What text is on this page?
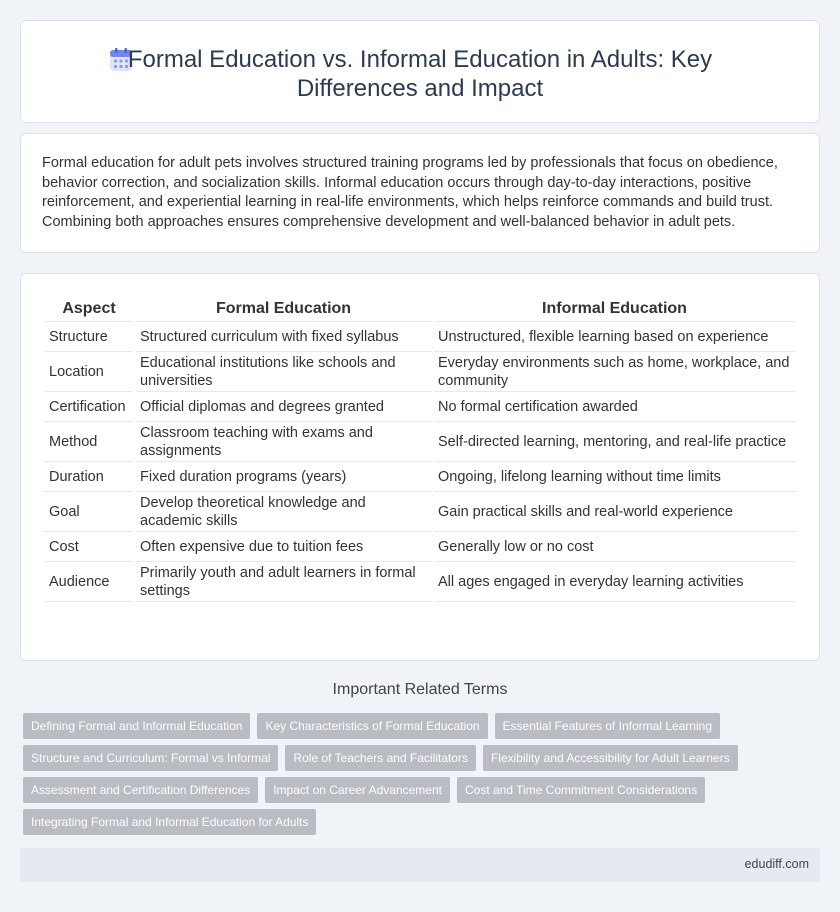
Formal Education vs. Informal Education in Adults: Key Differences and Impact

Formal education for adult pets involves structured training programs led by professionals that focus on obedience, behavior correction, and socialization skills. Informal education occurs through day-to-day interactions, positive reinforcement, and experiential learning in real-life environments, which helps reinforce commands and build trust. Combining both approaches ensures comprehensive development and well-balanced behavior in adult pets.

Aspect	Formal Education	Informal Education
Structure	Structured curriculum with fixed syllabus	Unstructured, flexible learning based on experience
Location	Educational institutions like schools and universities	Everyday environments such as home, workplace, and community
Certification	Official diplomas and degrees granted	No formal certification awarded
Method	Classroom teaching with exams and assignments	Self-directed learning, mentoring, and real-life practice
Duration	Fixed duration programs (years)	Ongoing, lifelong learning without time limits
Goal	Develop theoretical knowledge and academic skills	Gain practical skills and real-world experience
Cost	Often expensive due to tuition fees	Generally low or no cost
Audience	Primarily youth and adult learners in formal settings	All ages engaged in everyday learning activities
Important Related Terms
Defining Formal and Informal Education	Key Characteristics of Formal Education	Essential Features of Informal Learning
Structure and Curriculum: Formal vs Informal	Role of Teachers and Facilitators	Flexibility and Accessibility for Adult Learners
Assessment and Certification Differences	Impact on Career Advancement	Cost and Time Commitment Considerations
Integrating Formal and Informal Education for Adults
edudiff.com
